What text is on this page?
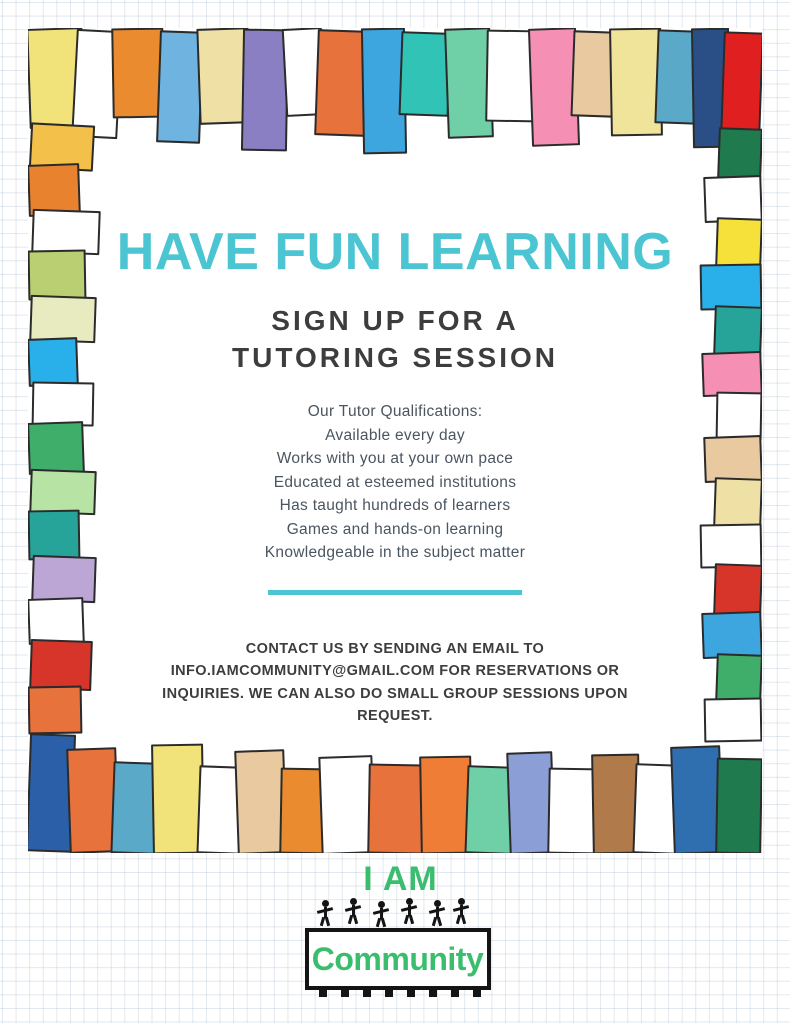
HAVE FUN LEARNING
SIGN UP FOR A
TUTORING SESSION
Our Tutor Qualifications:
Available every day
Works with you at your own pace
Educated at esteemed institutions
Has taught hundreds of learners
Games and hands-on learning
Knowledgeable in the subject matter
CONTACT US BY SENDING AN EMAIL TO INFO.IAMCOMMUNITY@GMAIL.COM FOR RESERVATIONS OR INQUIRIES. WE CAN ALSO DO SMALL GROUP SESSIONS UPON REQUEST.
I AM
Community
